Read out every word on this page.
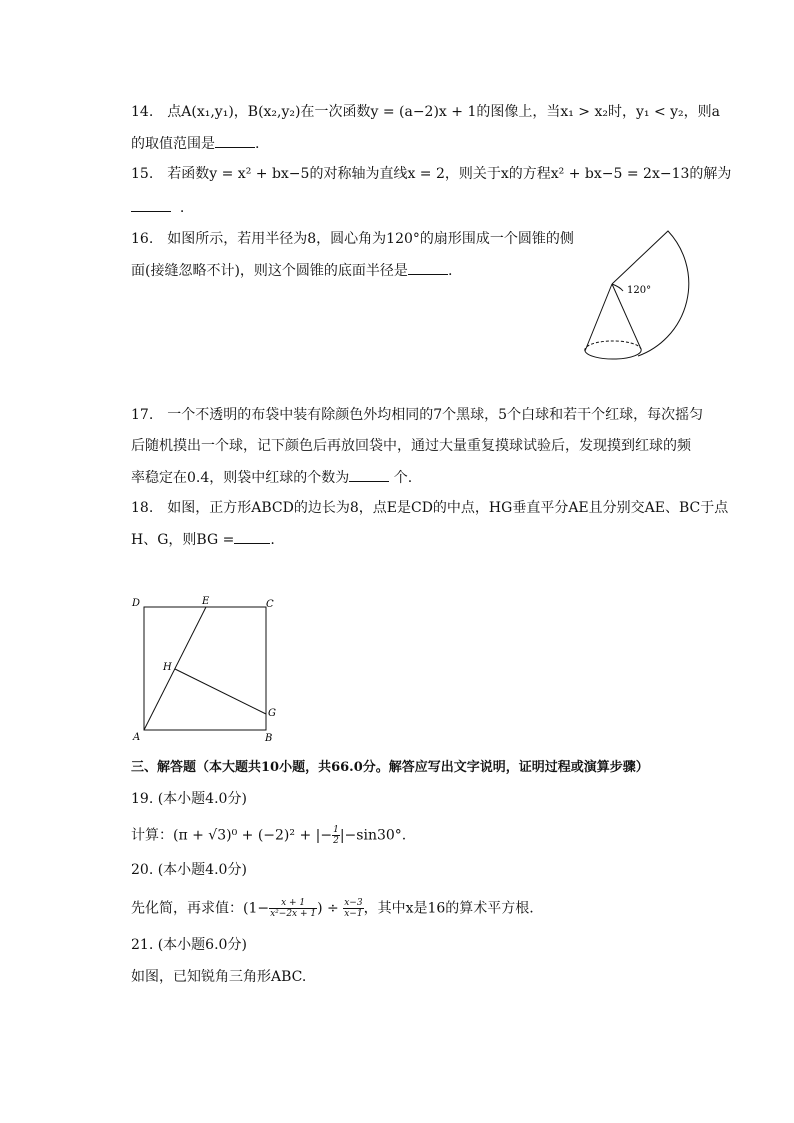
14. 点A(x₁,y₁)，B(x₂,y₂)在一次函数y = (a−2)x + 1的图像上，当x₁ > x₂时，y₁ < y₂，则a
的取值范围是	.
15. 若函数y = x² + bx−5的对称轴为直线x = 2，则关于x的方程x² + bx−5 = 2x−13的解为
.
16. 如图所示，若用半径为8，圆心角为120°的扇形围成一个圆锥的侧
面(接缝忽略不计)，则这个圆锥的底面半径是	.
120°
17. 一个不透明的布袋中装有除颜色外均相同的7个黑球，5个白球和若干个红球，每次摇匀
后随机摸出一个球，记下颜色后再放回袋中，通过大量重复摸球试验后，发现摸到红球的频
率稳定在0.4，则袋中红球的个数为	个.
18. 如图，正方形ABCD的边长为8，点E是CD的中点，HG垂直平分AE且分别交AE、BC于点
H、G，则BG =	.
D	E	C
H
G
A	B
三、解答题（本大题共10小题，共66.0分。解答应写出文字说明，证明过程或演算步骤）
19. (本小题4.0分)
计算：(π + √3)⁰ + (−2)² + |− $\frac{1}{2} |-\sin 30^\circ$.
20. (本小题4.0分)
先化简，再求值：($1- \frac{x + 1}{\text{x²−2x + 1}}$ ) ÷ $\frac{x-3}{x-1}$ ，其中x是16的算术平方根.
21. (本小题6.0分)
如图，已知锐角三角形ABC.
